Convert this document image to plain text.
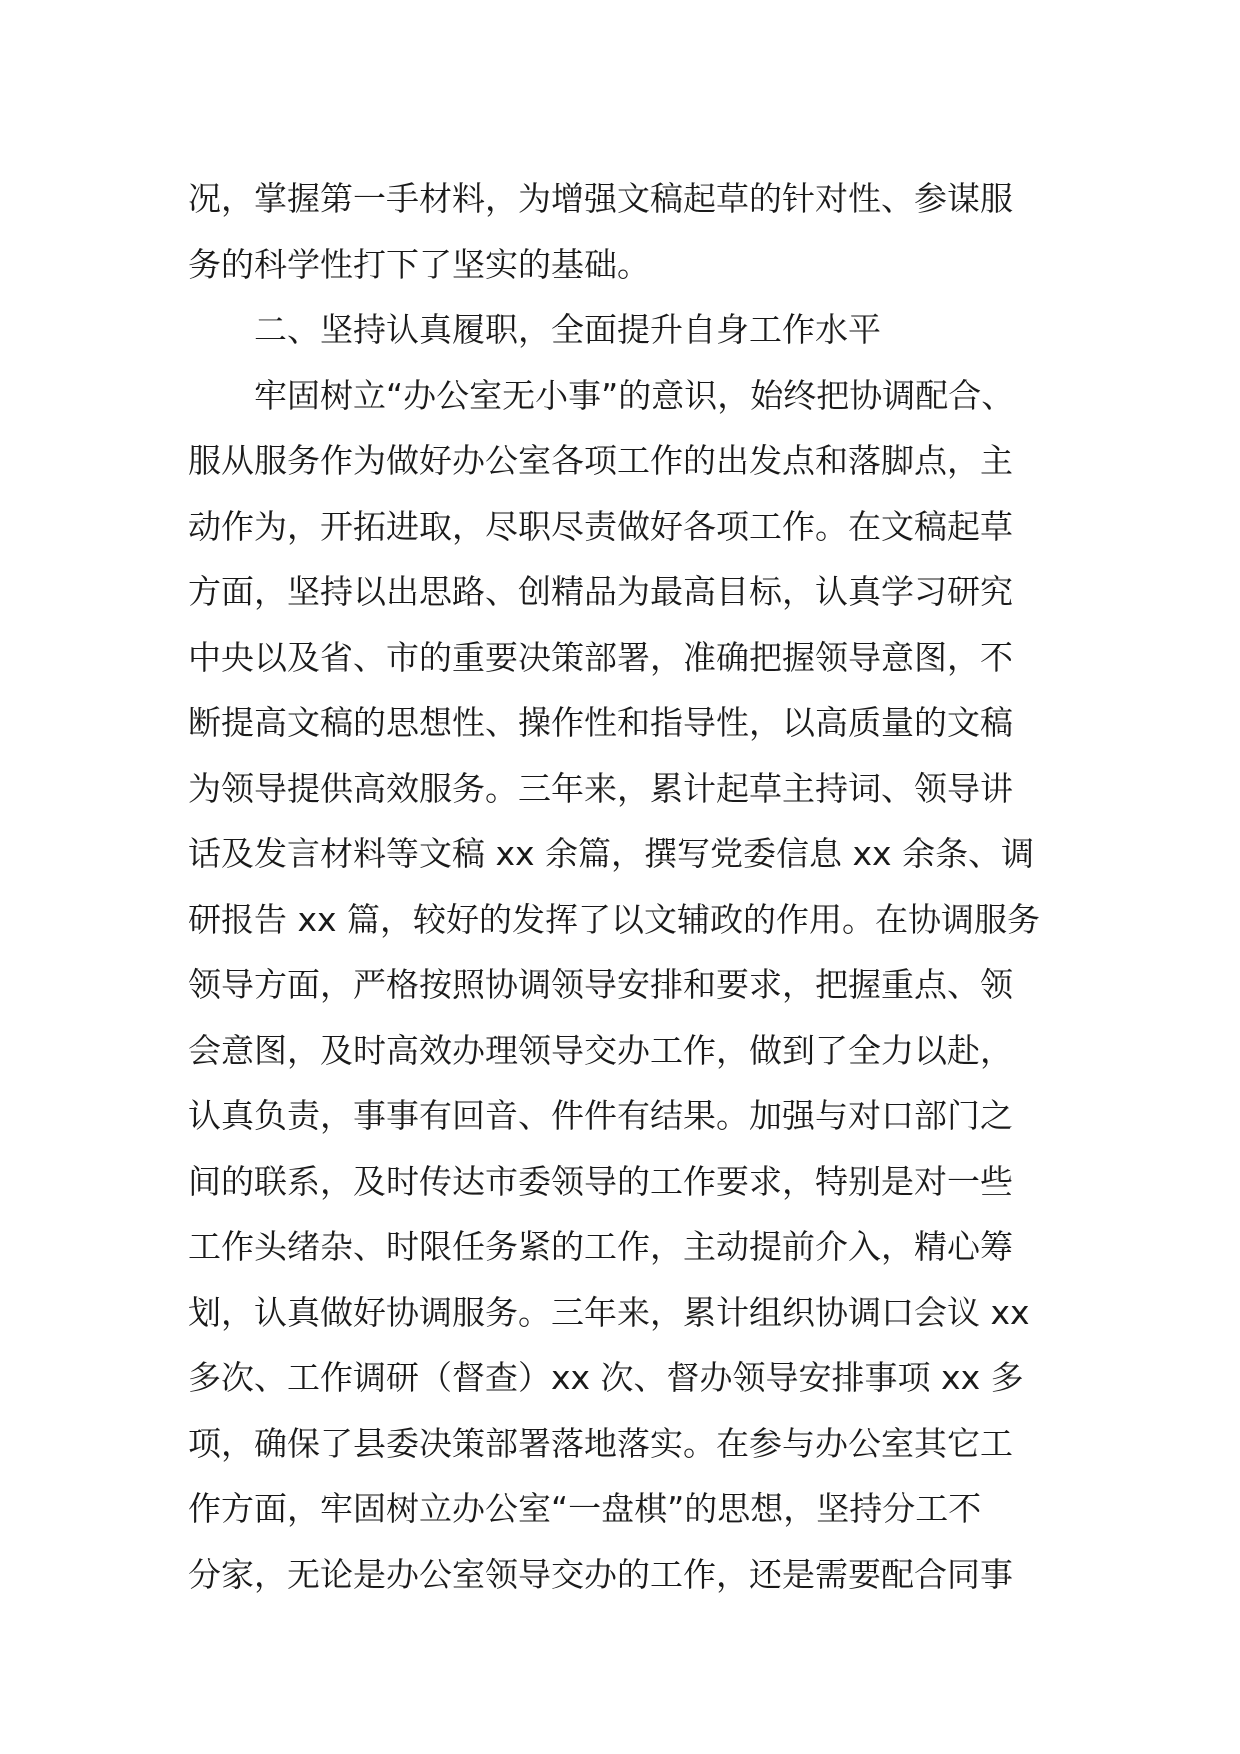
况，掌握第一手材料，为增强文稿起草的针对性、参谋服
务的科学性打下了坚实的基础。
二、坚持认真履职，全面提升自身工作水平
牢固树立“办公室无小事”的意识，始终把协调配合、
服从服务作为做好办公室各项工作的出发点和落脚点，主
动作为，开拓进取，尽职尽责做好各项工作。在文稿起草
方面，坚持以出思路、创精品为最高目标，认真学习研究
中央以及省、市的重要决策部署，准确把握领导意图，不
断提高文稿的思想性、操作性和指导性，以高质量的文稿
为领导提供高效服务。三年来，累计起草主持词、领导讲
话及发言材料等文稿 xx 余篇，撰写党委信息 xx 余条、调
研报告 xx 篇，较好的发挥了以文辅政的作用。在协调服务
领导方面，严格按照协调领导安排和要求，把握重点、领
会意图，及时高效办理领导交办工作，做到了全力以赴，
认真负责，事事有回音、件件有结果。加强与对口部门之
间的联系，及时传达市委领导的工作要求，特别是对一些
工作头绪杂、时限任务紧的工作，主动提前介入，精心筹
划，认真做好协调服务。三年来，累计组织协调口会议 xx
多次、工作调研（督查）xx 次、督办领导安排事项 xx 多
项，确保了县委决策部署落地落实。在参与办公室其它工
作方面，牢固树立办公室“一盘棋”的思想，坚持分工不
分家，无论是办公室领导交办的工作，还是需要配合同事
